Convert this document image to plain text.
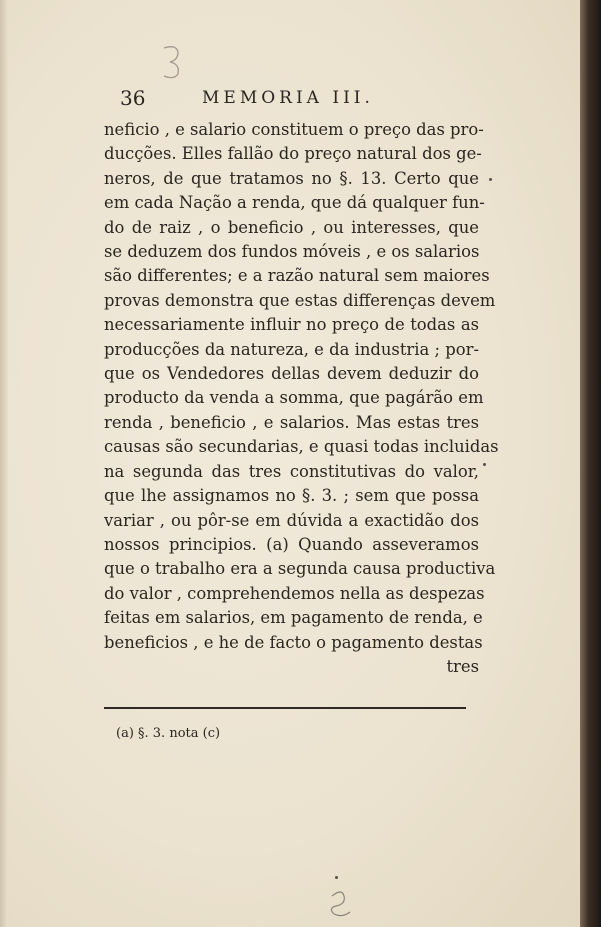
36	MEMORIA III.
neficio , e salario constituem o preço das pro-
ducções. Elles fallão do preço natural dos ge-
neros, de que tratamos no §. 13. Certo que
em cada Nação a renda, que dá qualquer fun-
do de raiz , o beneficio , ou interesses, que
se deduzem dos fundos móveis , e os salarios
são differentes; e a razão natural sem maiores
provas demonstra que estas differenças devem
necessariamente influir no preço de todas as
producções da natureza, e da industria ; por-
que os Vendedores dellas devem deduzir do
producto da venda a somma, que pagárão em
renda , beneficio , e salarios. Mas estas tres
causas são secundarias, e quasi todas incluidas
na segunda das tres constitutivas do valor,
que lhe assignamos no §. 3. ; sem que possa
variar , ou pôr-se em dúvida a exactidão dos
nossos principios. (a) Quando asseveramos
que o trabalho era a segunda causa productiva
do valor , comprehendemos nella as despezas
feitas em salarios, em pagamento de renda, e
beneficios , e he de facto o pagamento destas
tres
(a) §. 3. nota (c)
